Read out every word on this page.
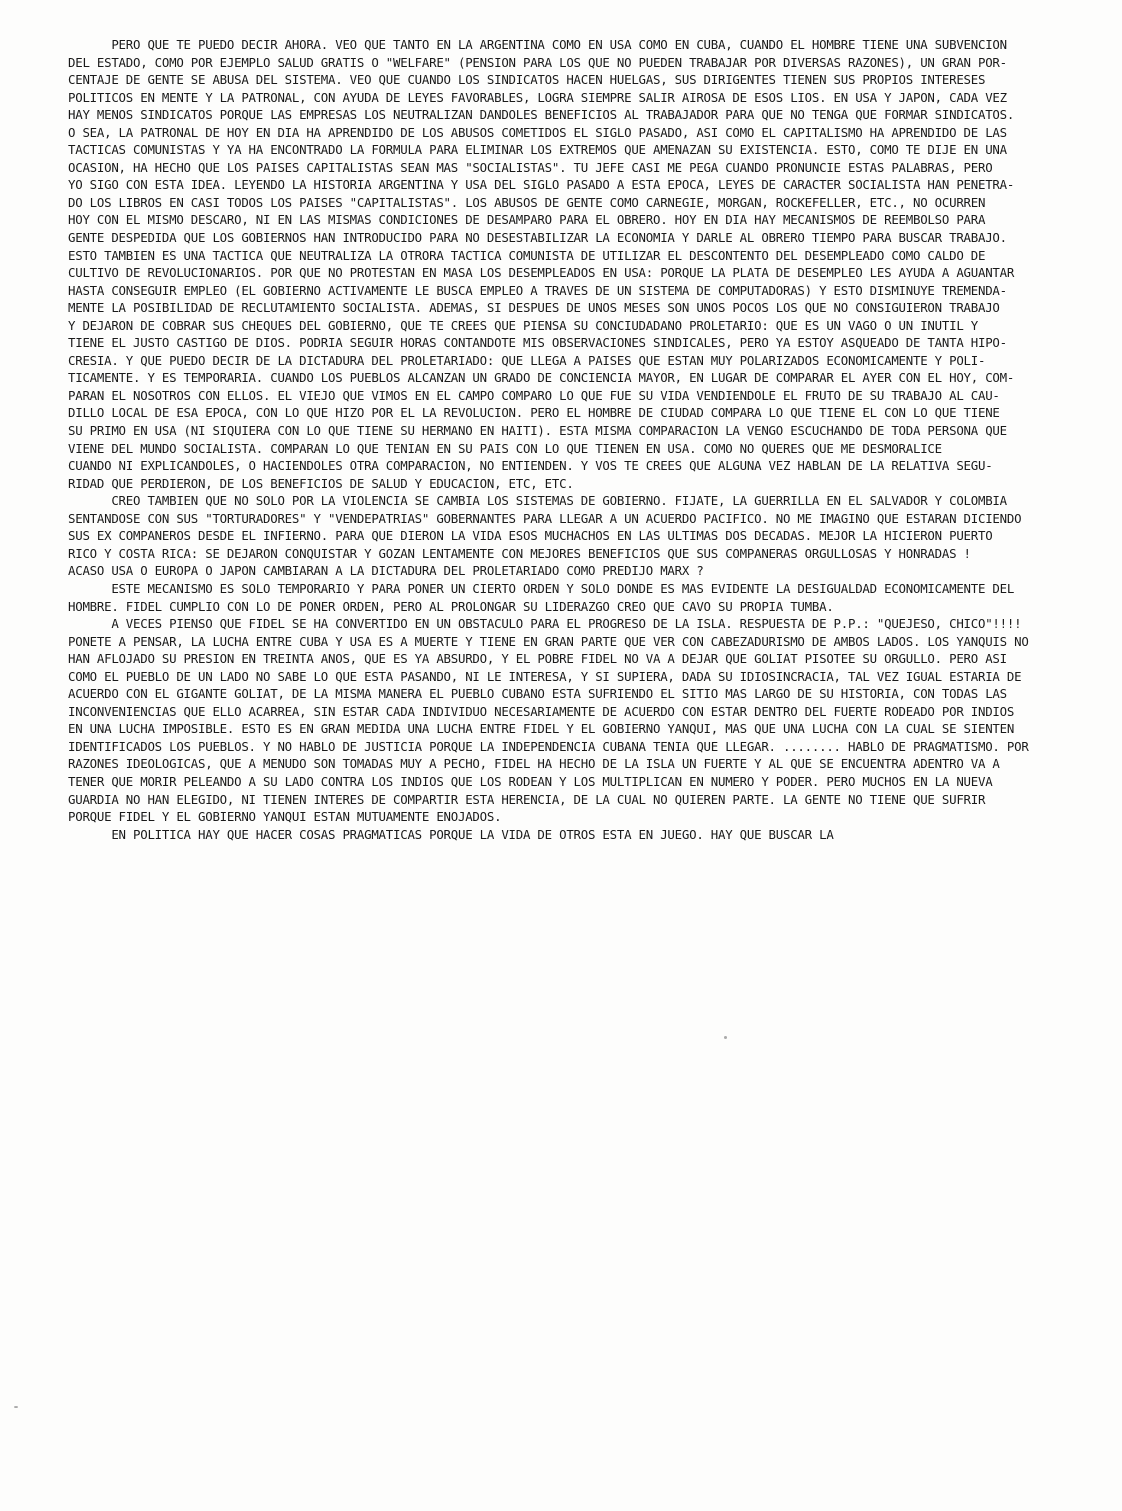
PERO QUE TE PUEDO DECIR AHORA. VEO QUE TANTO EN LA ARGENTINA COMO EN USA COMO EN CUBA, CUANDO EL HOMBRE TIENE UNA SUBVENCION
DEL ESTADO, COMO POR EJEMPLO SALUD GRATIS O "WELFARE" (PENSION PARA LOS QUE NO PUEDEN TRABAJAR POR DIVERSAS RAZONES), UN GRAN POR-
CENTAJE DE GENTE SE ABUSA DEL SISTEMA. VEO QUE CUANDO LOS SINDICATOS HACEN HUELGAS, SUS DIRIGENTES TIENEN SUS PROPIOS INTERESES
POLITICOS EN MENTE Y LA PATRONAL, CON AYUDA DE LEYES FAVORABLES, LOGRA SIEMPRE SALIR AIROSA DE ESOS LIOS. EN USA Y JAPON, CADA VEZ
HAY MENOS SINDICATOS PORQUE LAS EMPRESAS LOS NEUTRALIZAN DANDOLES BENEFICIOS AL TRABAJADOR PARA QUE NO TENGA QUE FORMAR SINDICATOS.
O SEA, LA PATRONAL DE HOY EN DIA HA APRENDIDO DE LOS ABUSOS COMETIDOS EL SIGLO PASADO, ASI COMO EL CAPITALISMO HA APRENDIDO DE LAS
TACTICAS COMUNISTAS Y YA HA ENCONTRADO LA FORMULA PARA ELIMINAR LOS EXTREMOS QUE AMENAZAN SU EXISTENCIA. ESTO, COMO TE DIJE EN UNA
OCASION, HA HECHO QUE LOS PAISES CAPITALISTAS SEAN MAS "SOCIALISTAS". TU JEFE CASI ME PEGA CUANDO PRONUNCIE ESTAS PALABRAS, PERO
YO SIGO CON ESTA IDEA. LEYENDO LA HISTORIA ARGENTINA Y USA DEL SIGLO PASADO A ESTA EPOCA, LEYES DE CARACTER SOCIALISTA HAN PENETRA-
DO LOS LIBROS EN CASI TODOS LOS PAISES "CAPITALISTAS". LOS ABUSOS DE GENTE COMO CARNEGIE, MORGAN, ROCKEFELLER, ETC., NO OCURREN
HOY CON EL MISMO DESCARO, NI EN LAS MISMAS CONDICIONES DE DESAMPARO PARA EL OBRERO. HOY EN DIA HAY MECANISMOS DE REEMBOLSO PARA
GENTE DESPEDIDA QUE LOS GOBIERNOS HAN INTRODUCIDO PARA NO DESESTABILIZAR LA ECONOMIA Y DARLE AL OBRERO TIEMPO PARA BUSCAR TRABAJO.
ESTO TAMBIEN ES UNA TACTICA QUE NEUTRALIZA LA OTRORA TACTICA COMUNISTA DE UTILIZAR EL DESCONTENTO DEL DESEMPLEADO COMO CALDO DE
CULTIVO DE REVOLUCIONARIOS. POR QUE NO PROTESTAN EN MASA LOS DESEMPLEADOS EN USA: PORQUE LA PLATA DE DESEMPLEO LES AYUDA A AGUANTAR
HASTA CONSEGUIR EMPLEO (EL GOBIERNO ACTIVAMENTE LE BUSCA EMPLEO A TRAVES DE UN SISTEMA DE COMPUTADORAS) Y ESTO DISMINUYE TREMENDA-
MENTE LA POSIBILIDAD DE RECLUTAMIENTO SOCIALISTA. ADEMAS, SI DESPUES DE UNOS MESES SON UNOS POCOS LOS QUE NO CONSIGUIERON TRABAJO
Y DEJARON DE COBRAR SUS CHEQUES DEL GOBIERNO, QUE TE CREES QUE PIENSA SU CONCIUDADANO PROLETARIO: QUE ES UN VAGO O UN INUTIL Y
TIENE EL JUSTO CASTIGO DE DIOS. PODRIA SEGUIR HORAS CONTANDOTE MIS OBSERVACIONES SINDICALES, PERO YA ESTOY ASQUEADO DE TANTA HIPO-
CRESIA. Y QUE PUEDO DECIR DE LA DICTADURA DEL PROLETARIADO: QUE LLEGA A PAISES QUE ESTAN MUY POLARIZADOS ECONOMICAMENTE Y POLI-
TICAMENTE. Y ES TEMPORARIA. CUANDO LOS PUEBLOS ALCANZAN UN GRADO DE CONCIENCIA MAYOR, EN LUGAR DE COMPARAR EL AYER CON EL HOY, COM-
PARAN EL NOSOTROS CON ELLOS. EL VIEJO QUE VIMOS EN EL CAMPO COMPARO LO QUE FUE SU VIDA VENDIENDOLE EL FRUTO DE SU TRABAJO AL CAU-
DILLO LOCAL DE ESA EPOCA, CON LO QUE HIZO POR EL LA REVOLUCION. PERO EL HOMBRE DE CIUDAD COMPARA LO QUE TIENE EL CON LO QUE TIENE
SU PRIMO EN USA (NI SIQUIERA CON LO QUE TIENE SU HERMANO EN HAITI). ESTA MISMA COMPARACION LA VENGO ESCUCHANDO DE TODA PERSONA QUE
VIENE DEL MUNDO SOCIALISTA. COMPARAN LO QUE TENIAN EN SU PAIS CON LO QUE TIENEN EN USA. COMO NO QUERES QUE ME DESMORALICE
CUANDO NI EXPLICANDOLES, O HACIENDOLES OTRA COMPARACION, NO ENTIENDEN. Y VOS TE CREES QUE ALGUNA VEZ HABLAN DE LA RELATIVA SEGU-
RIDAD QUE PERDIERON, DE LOS BENEFICIOS DE SALUD Y EDUCACION, ETC, ETC.
CREO TAMBIEN QUE NO SOLO POR LA VIOLENCIA SE CAMBIA LOS SISTEMAS DE GOBIERNO. FIJATE, LA GUERRILLA EN EL SALVADOR Y COLOMBIA
SENTANDOSE CON SUS "TORTURADORES" Y "VENDEPATRIAS" GOBERNANTES PARA LLEGAR A UN ACUERDO PACIFICO. NO ME IMAGINO QUE ESTARAN DICIENDO
SUS EX COMPANEROS DESDE EL INFIERNO. PARA QUE DIERON LA VIDA ESOS MUCHACHOS EN LAS ULTIMAS DOS DECADAS. MEJOR LA HICIERON PUERTO
RICO Y COSTA RICA: SE DEJARON CONQUISTAR Y GOZAN LENTAMENTE CON MEJORES BENEFICIOS QUE SUS COMPANERAS ORGULLOSAS Y HONRADAS !
ACASO USA O EUROPA O JAPON CAMBIARAN A LA DICTADURA DEL PROLETARIADO COMO PREDIJO MARX ?
ESTE MECANISMO ES SOLO TEMPORARIO Y PARA PONER UN CIERTO ORDEN Y SOLO DONDE ES MAS EVIDENTE LA DESIGUALDAD ECONOMICAMENTE DEL
HOMBRE. FIDEL CUMPLIO CON LO DE PONER ORDEN, PERO AL PROLONGAR SU LIDERAZGO CREO QUE CAVO SU PROPIA TUMBA.
A VECES PIENSO QUE FIDEL SE HA CONVERTIDO EN UN OBSTACULO PARA EL PROGRESO DE LA ISLA. RESPUESTA DE P.P.: "QUEJESO, CHICO"!!!!
PONETE A PENSAR, LA LUCHA ENTRE CUBA Y USA ES A MUERTE Y TIENE EN GRAN PARTE QUE VER CON CABEZADURISMO DE AMBOS LADOS. LOS YANQUIS NO
HAN AFLOJADO SU PRESION EN TREINTA ANOS, QUE ES YA ABSURDO, Y EL POBRE FIDEL NO VA A DEJAR QUE GOLIAT PISOTEE SU ORGULLO. PERO ASI
COMO EL PUEBLO DE UN LADO NO SABE LO QUE ESTA PASANDO, NI LE INTERESA, Y SI SUPIERA, DADA SU IDIOSINCRACIA, TAL VEZ IGUAL ESTARIA DE
ACUERDO CON EL GIGANTE GOLIAT, DE LA MISMA MANERA EL PUEBLO CUBANO ESTA SUFRIENDO EL SITIO MAS LARGO DE SU HISTORIA, CON TODAS LAS
INCONVENIENCIAS QUE ELLO ACARREA, SIN ESTAR CADA INDIVIDUO NECESARIAMENTE DE ACUERDO CON ESTAR DENTRO DEL FUERTE RODEADO POR INDIOS
EN UNA LUCHA IMPOSIBLE. ESTO ES EN GRAN MEDIDA UNA LUCHA ENTRE FIDEL Y EL GOBIERNO YANQUI, MAS QUE UNA LUCHA CON LA CUAL SE SIENTEN
IDENTIFICADOS LOS PUEBLOS. Y NO HABLO DE JUSTICIA PORQUE LA INDEPENDENCIA CUBANA TENIA QUE LLEGAR. ........ HABLO DE PRAGMATISMO. POR
RAZONES IDEOLOGICAS, QUE A MENUDO SON TOMADAS MUY A PECHO, FIDEL HA HECHO DE LA ISLA UN FUERTE Y AL QUE SE ENCUENTRA ADENTRO VA A
TENER QUE MORIR PELEANDO A SU LADO CONTRA LOS INDIOS QUE LOS RODEAN Y LOS MULTIPLICAN EN NUMERO Y PODER. PERO MUCHOS EN LA NUEVA
GUARDIA NO HAN ELEGIDO, NI TIENEN INTERES DE COMPARTIR ESTA HERENCIA, DE LA CUAL NO QUIEREN PARTE. LA GENTE NO TIENE QUE SUFRIR
PORQUE FIDEL Y EL GOBIERNO YANQUI ESTAN MUTUAMENTE ENOJADOS.
EN POLITICA HAY QUE HACER COSAS PRAGMATICAS PORQUE LA VIDA DE OTROS ESTA EN JUEGO. HAY QUE BUSCAR LA
